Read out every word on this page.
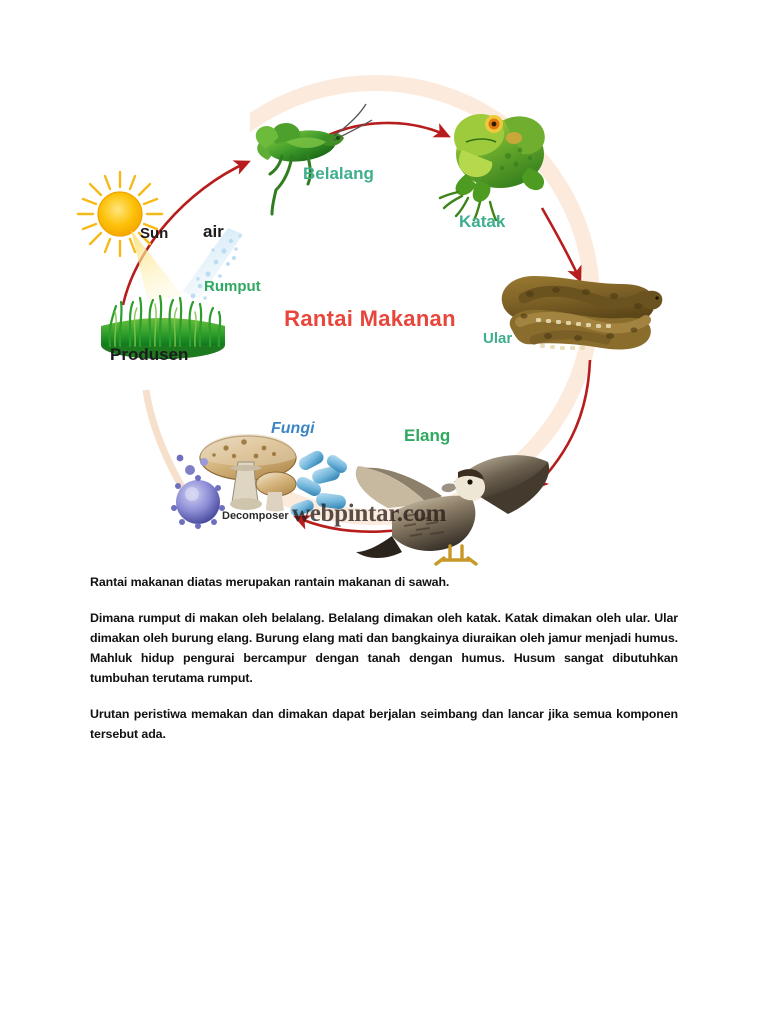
Rantai Makanan
Sun air
Rumput
Produsen
Belalang
Katak
Ular
Elang
Fungi
Decomposer webpintar.com

Rantai makanan diatas merupakan rantain makanan di sawah.

Dimana rumput di makan oleh belalang. Belalang dimakan oleh katak. Katak dimakan oleh ular. Ular dimakan oleh burung elang. Burung elang mati dan bangkainya diuraikan oleh jamur menjadi humus. Mahluk hidup pengurai bercampur dengan tanah dengan humus. Husum sangat dibutuhkan tumbuhan terutama rumput.

Urutan peristiwa memakan dan dimakan dapat berjalan seimbang dan lancar jika semua komponen tersebut ada.
